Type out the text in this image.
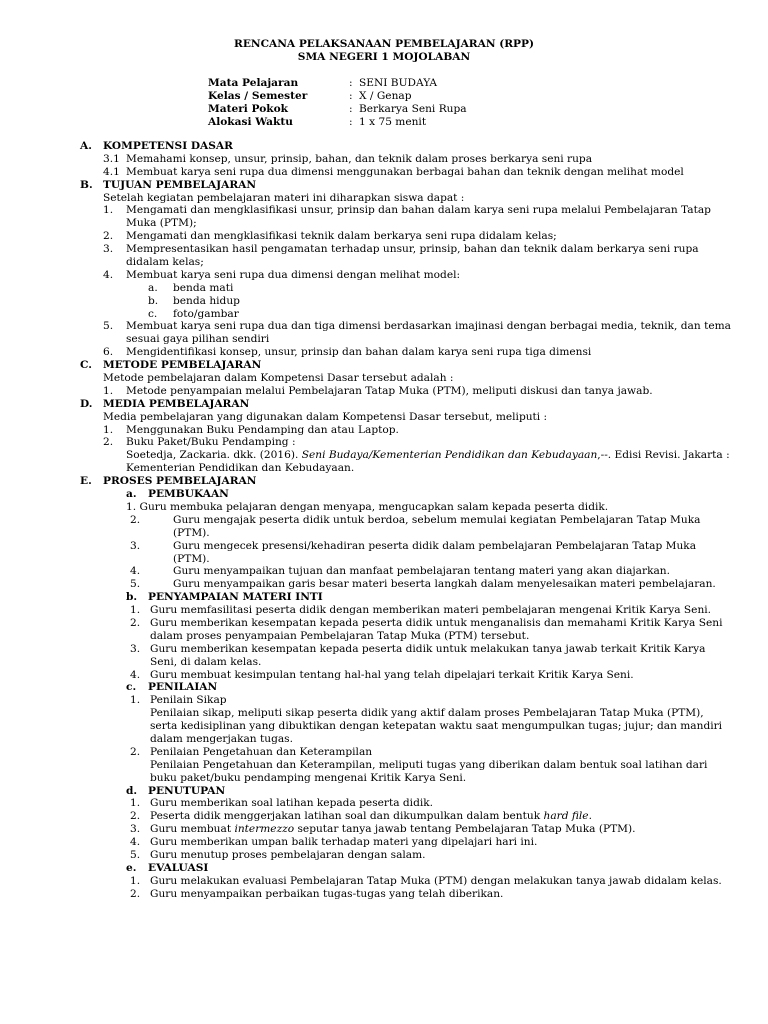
RENCANA PELAKSANAAN PEMBELAJARAN (RPP)
SMA NEGERI 1 MOJOLABAN
Mata Pelajaran	: SENI BUDAYA
Kelas / Semester	: X / Genap
Materi Pokok	: Berkarya Seni Rupa
Alokasi Waktu	: 1 x 75 menit
A. KOMPETENSI DASAR
3.1 Memahami konsep, unsur, prinsip, bahan, dan teknik dalam proses berkarya seni rupa
4.1 Membuat karya seni rupa dua dimensi menggunakan berbagai bahan dan teknik dengan melihat model
B. TUJUAN PEMBELAJARAN
Setelah kegiatan pembelajaran materi ini diharapkan siswa dapat :
1. Mengamati dan mengklasifikasi unsur, prinsip dan bahan dalam karya seni rupa melalui Pembelajaran Tatap
Muka (PTM);
2. Mengamati dan mengklasifikasi teknik dalam berkarya seni rupa didalam kelas;
3. Mempresentasikan hasil pengamatan terhadap unsur, prinsip, bahan dan teknik dalam berkarya seni rupa
didalam kelas;
4. Membuat karya seni rupa dua dimensi dengan melihat model:
a. benda mati
b. benda hidup
c. foto/gambar
5. Membuat karya seni rupa dua dan tiga dimensi berdasarkan imajinasi dengan berbagai media, teknik, dan tema
sesuai gaya pilihan sendiri
6. Mengidentifikasi konsep, unsur, prinsip dan bahan dalam karya seni rupa tiga dimensi
C. METODE PEMBELAJARAN
Metode pembelajaran dalam Kompetensi Dasar tersebut adalah :
1. Metode penyampaian melalui Pembelajaran Tatap Muka (PTM), meliputi diskusi dan tanya jawab.
D. MEDIA PEMBELAJARAN
Media pembelajaran yang digunakan dalam Kompetensi Dasar tersebut, meliputi :
1. Menggunakan Buku Pendamping dan atau Laptop.
2. Buku Paket/Buku Pendamping :
Soetedja, Zackaria. dkk. (2016). Seni Budaya/Kementerian Pendidikan dan Kebudayaan,--. Edisi Revisi. Jakarta :
Kementerian Pendidikan dan Kebudayaan.
E. PROSES PEMBELAJARAN
a. PEMBUKAAN
1. Guru membuka pelajaran dengan menyapa, mengucapkan salam kepada peserta didik.
2.	Guru mengajak peserta didik untuk berdoa, sebelum memulai kegiatan Pembelajaran Tatap Muka
(PTM).
3.	Guru mengecek presensi/kehadiran peserta didik dalam pembelajaran Pembelajaran Tatap Muka
(PTM).
4.	Guru menyampaikan tujuan dan manfaat pembelajaran tentang materi yang akan diajarkan.
5.	Guru menyampaikan garis besar materi beserta langkah dalam menyelesaikan materi pembelajaran.
b. PENYAMPAIAN MATERI INTI
1. Guru memfasilitasi peserta didik dengan memberikan materi pembelajaran mengenai Kritik Karya Seni.
2. Guru memberikan kesempatan kepada peserta didik untuk menganalisis dan memahami Kritik Karya Seni
dalam proses penyampaian Pembelajaran Tatap Muka (PTM) tersebut.
3. Guru memberikan kesempatan kepada peserta didik untuk melakukan tanya jawab terkait Kritik Karya
Seni, di dalam kelas.
4. Guru membuat kesimpulan tentang hal-hal yang telah dipelajari terkait Kritik Karya Seni.
c. PENILAIAN
1. Penilain Sikap
Penilaian sikap, meliputi sikap peserta didik yang aktif dalam proses Pembelajaran Tatap Muka (PTM),
serta kedisiplinan yang dibuktikan dengan ketepatan waktu saat mengumpulkan tugas; jujur; dan mandiri
dalam mengerjakan tugas.
2. Penilaian Pengetahuan dan Keterampilan
Penilaian Pengetahuan dan Keterampilan, meliputi tugas yang diberikan dalam bentuk soal latihan dari
buku paket/buku pendamping mengenai Kritik Karya Seni.
d. PENUTUPAN
1. Guru memberikan soal latihan kepada peserta didik.
2. Peserta didik menggerjakan latihan soal dan dikumpulkan dalam bentuk hard file.
3. Guru membuat intermezzo seputar tanya jawab tentang Pembelajaran Tatap Muka (PTM).
4. Guru memberikan umpan balik terhadap materi yang dipelajari hari ini.
5. Guru menutup proses pembelajaran dengan salam.
e. EVALUASI
1. Guru melakukan evaluasi Pembelajaran Tatap Muka (PTM) dengan melakukan tanya jawab didalam kelas.
2. Guru menyampaikan perbaikan tugas-tugas yang telah diberikan.
